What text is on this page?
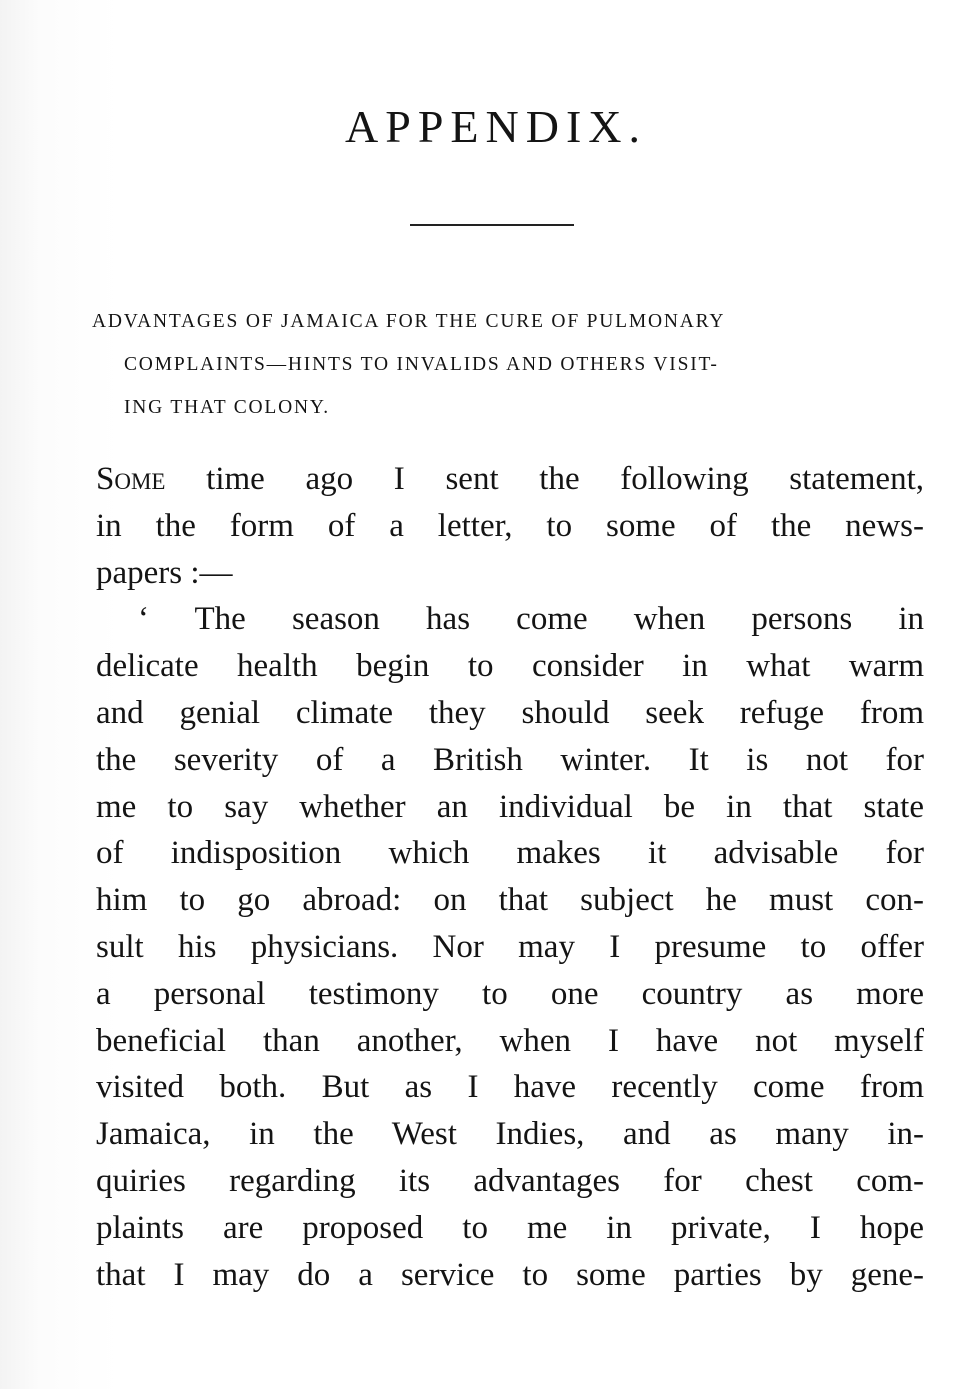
APPENDIX.
ADVANTAGES OF JAMAICA FOR THE CURE OF PULMONARY
COMPLAINTS—HINTS TO INVALIDS AND OTHERS VISIT-
ING THAT COLONY.
Some time ago I sent the following statement,
in the form of a letter, to some of the news-
papers :—
‘ The season has come when persons in
delicate health begin to consider in what warm
and genial climate they should seek refuge from
the severity of a British winter. It is not for
me to say whether an individual be in that state
of indisposition which makes it advisable for
him to go abroad: on that subject he must con-
sult his physicians. Nor may I presume to offer
a personal testimony to one country as more
beneficial than another, when I have not myself
visited both. But as I have recently come from
Jamaica, in the West Indies, and as many in-
quiries regarding its advantages for chest com-
plaints are proposed to me in private, I hope
that I may do a service to some parties by gene-
